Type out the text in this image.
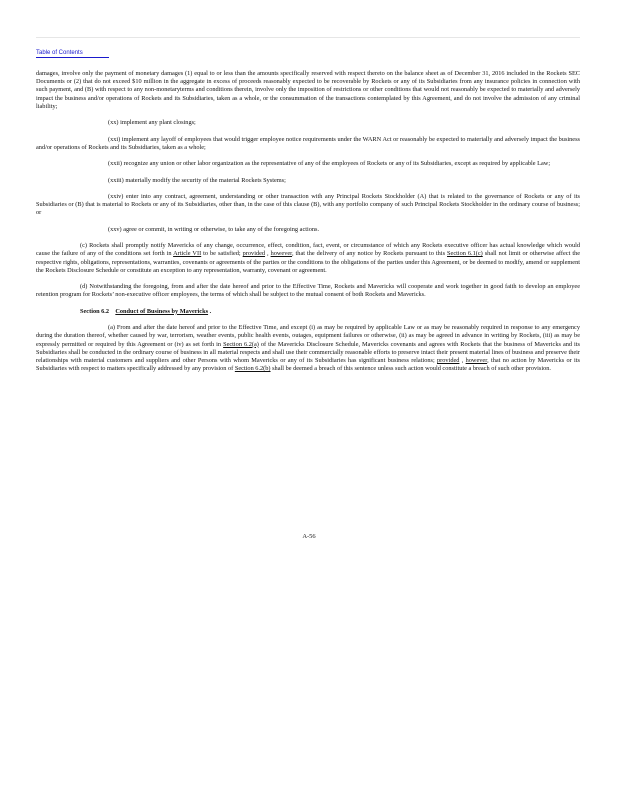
Table of Contents

damages, involve only the payment of monetary damages (1) equal to or less than the amounts specifically reserved with respect thereto on the balance sheet as of December 31, 2016 included in the Rockets SEC Documents or (2) that do not exceed $10 million in the aggregate in excess of proceeds reasonably expected to be recoverable by Rockets or any of its Subsidiaries from any insurance policies in connection with such payment, and (B) with respect to any non-monetaryterms and conditions therein, involve only the imposition of restrictions or other conditions that would not reasonably be expected to materially and adversely impact the business and/or operations of Rockets and its Subsidiaries, taken as a whole, or the consummation of the transactions contemplated by this Agreement, and do not involve the admission of any criminal liability;

(xx) implement any plant closings;

(xxi) implement any layoff of employees that would trigger employee notice requirements under the WARN Act or reasonably be expected to materially and adversely impact the business and/or operations of Rockets and its Subsidiaries, taken as a whole;

(xxii) recognize any union or other labor organization as the representative of any of the employees of Rockets or any of its Subsidiaries, except as required by applicable Law;

(xxiii) materially modify the security of the material Rockets Systems;

(xxiv) enter into any contract, agreement, understanding or other transaction with any Principal Rockets Stockholder (A) that is related to the governance of Rockets or any of its Subsidiaries or (B) that is material to Rockets or any of its Subsidiaries, other than, in the case of this clause (B), with any portfolio company of such Principal Rockets Stockholder in the ordinary course of business; or

(xxv) agree or commit, in writing or otherwise, to take any of the foregoing actions.

(c) Rockets shall promptly notify Mavericks of any change, occurrence, effect, condition, fact, event, or circumstance of which any Rockets executive officer has actual knowledge which would cause the failure of any of the conditions set forth in Article VII to be satisfied; provided , however, that the delivery of any notice by Rockets pursuant to this Section 6.1(c) shall not limit or otherwise affect the respective rights, obligations, representations, warranties, covenants or agreements of the parties or the conditions to the obligations of the parties under this Agreement, or be deemed to modify, amend or supplement the Rockets Disclosure Schedule or constitute an exception to any representation, warranty, covenant or agreement.

(d) Notwithstanding the foregoing, from and after the date hereof and prior to the Effective Time, Rockets and Mavericks will cooperate and work together in good faith to develop an employee retention program for Rockets’ non-executive officer employees, the terms of which shall be subject to the mutual consent of both Rockets and Mavericks.

Section 6.2 Conduct of Business by Mavericks .

(a) From and after the date hereof and prior to the Effective Time, and except (i) as may be required by applicable Law or as may be reasonably required in response to any emergency during the duration thereof, whether caused by war, terrorism, weather events, public health events, outages, equipment failures or otherwise, (ii) as may be agreed in advance in writing by Rockets, (iii) as may be expressly permitted or required by this Agreement or (iv) as set forth in Section 6.2(a) of the Mavericks Disclosure Schedule, Mavericks covenants and agrees with Rockets that the business of Mavericks and its Subsidiaries shall be conducted in the ordinary course of business in all material respects and shall use their commercially reasonable efforts to preserve intact their present material lines of business and preserve their relationships with material customers and suppliers and other Persons with whom Mavericks or any of its Subsidiaries has significant business relations; provided , however, that no action by Mavericks or its Subsidiaries with respect to matters specifically addressed by any provision of Section 6.2(b) shall be deemed a breach of this sentence unless such action would constitute a breach of such other provision.

A-56
